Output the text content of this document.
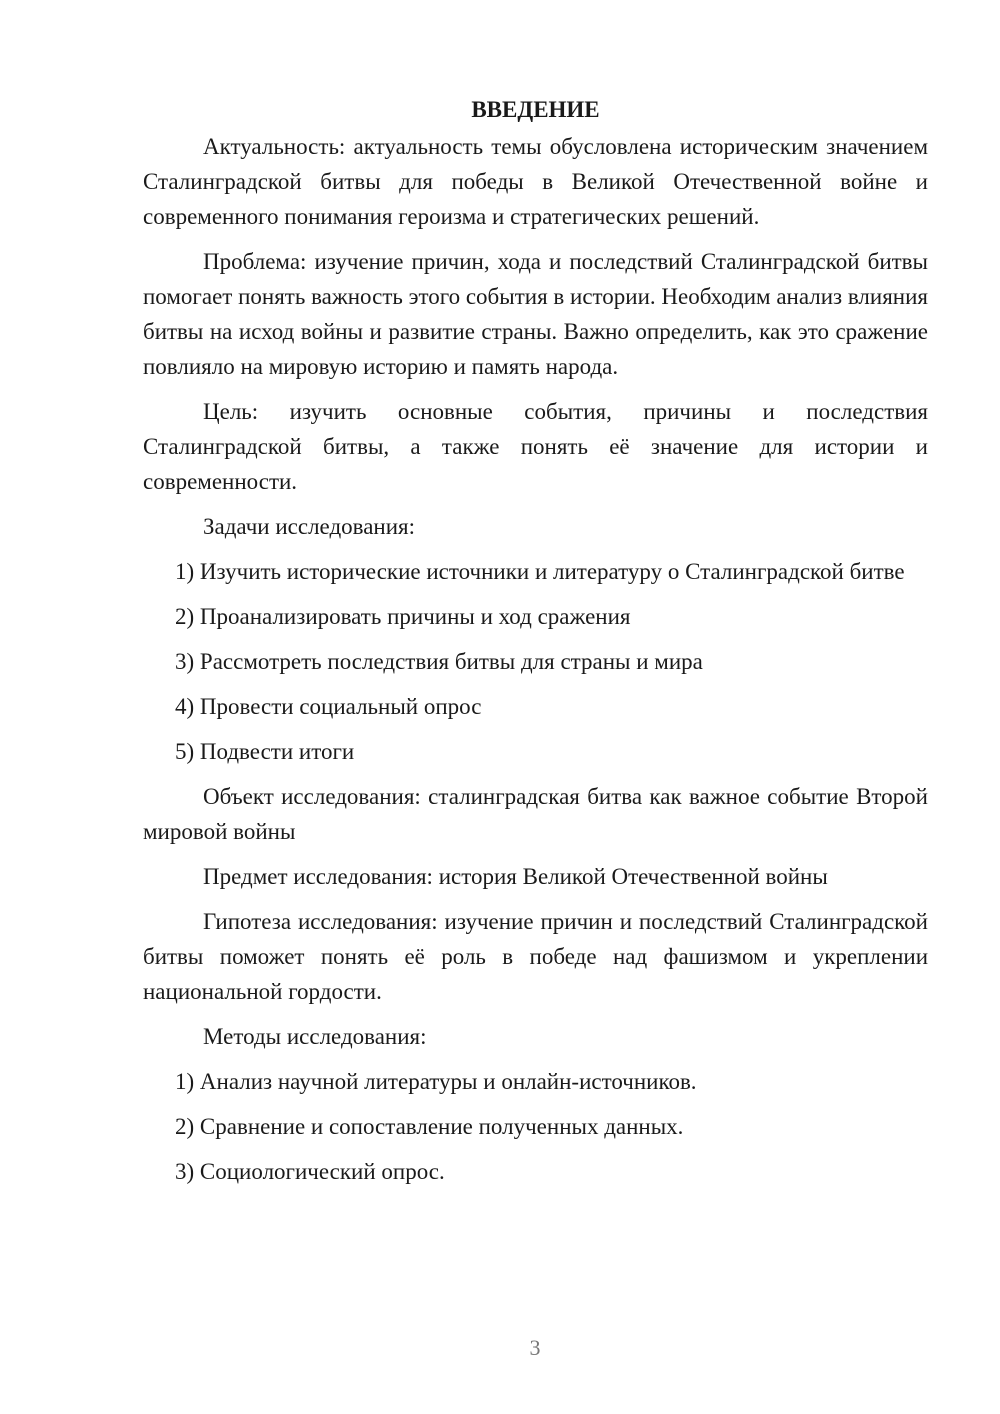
ВВЕДЕНИЕ

Актуальность: актуальность темы обусловлена историческим значением Сталинградской битвы для победы в Великой Отечественной войне и современного понимания героизма и стратегических решений.

Проблема: изучение причин, хода и последствий Сталинградской битвы помогает понять важность этого события в истории. Необходим анализ влияния битвы на исход войны и развитие страны. Важно определить, как это сражение повлияло на мировую историю и память народа.

Цель: изучить основные события, причины и последствия Сталинградской битвы, а также понять её значение для истории и современности.

Задачи исследования:

1) Изучить исторические источники и литературу о Сталинградской битве

2) Проанализировать причины и ход сражения

3) Рассмотреть последствия битвы для страны и мира

4) Провести социальный опрос

5) Подвести итоги

Объект исследования: сталинградская битва как важное событие Второй мировой войны

Предмет исследования: история Великой Отечественной войны

Гипотеза исследования: изучение причин и последствий Сталинградской битвы поможет понять её роль в победе над фашизмом и укреплении национальной гордости.

Методы исследования:

1) Анализ научной литературы и онлайн-источников.

2) Сравнение и сопоставление полученных данных.

3) Социологический опрос.

3
